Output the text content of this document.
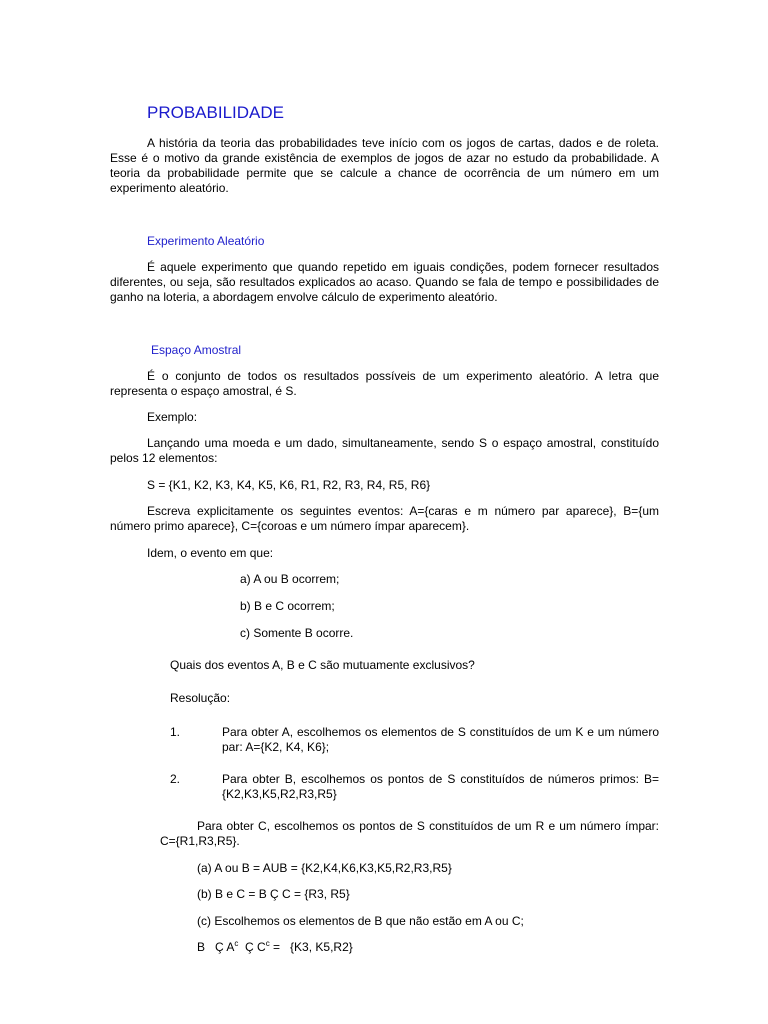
PROBABILIDADE
A história da teoria das probabilidades teve início com os jogos de cartas, dados e de roleta. Esse é o motivo da grande existência de exemplos de jogos de azar no estudo da probabilidade. A teoria da probabilidade permite que se calcule a chance de ocorrência de um número em um experimento aleatório.
Experimento Aleatório
É aquele experimento que quando repetido em iguais condições, podem fornecer resultados diferentes, ou seja, são resultados explicados ao acaso. Quando se fala de tempo e possibilidades de ganho na loteria, a abordagem envolve cálculo de experimento aleatório.
Espaço Amostral
É o conjunto de todos os resultados possíveis de um experimento aleatório. A letra que representa o espaço amostral, é S.
Exemplo:
Lançando uma moeda e um dado, simultaneamente, sendo S o espaço amostral, constituído pelos 12 elementos:
S = {K1, K2, K3, K4, K5, K6, R1, R2, R3, R4, R5, R6}
Escreva explicitamente os seguintes eventos: A={caras e m número par aparece}, B={um número primo aparece}, C={coroas e um número ímpar aparecem}.
Idem, o evento em que:
a) A ou B ocorrem;
b) B e C ocorrem;
c) Somente B ocorre.
Quais dos eventos A, B e C são mutuamente exclusivos?
Resolução:
1.	Para obter A, escolhemos os elementos de S constituídos de um K e um número par: A={K2, K4, K6};
2.	Para obter B, escolhemos os pontos de S constituídos de números primos: B={K2,K3,K5,R2,R3,R5}
Para obter C, escolhemos os pontos de S constituídos de um R e um número ímpar: C={R1,R3,R5}.
(a) A ou B = AUB = {K2,K4,K6,K3,K5,R2,R3,R5}
(b) B e C = B Ç C = {R3, R5}
(c) Escolhemos os elementos de B que não estão em A ou C;
B   Ç $A^c$  Ç $C^c = \{K3$, K5,R2}
